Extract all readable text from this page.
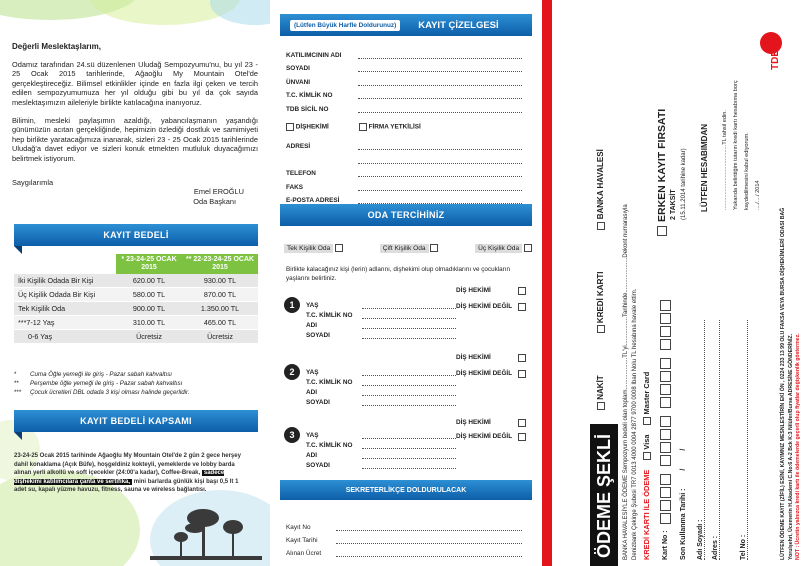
Değerli Meslektaşlarım,

Odamız tarafından 24.sü düzenlenen Uludağ Sempozyumu'nu, bu yıl 23 - 25 Ocak 2015 tarihlerinde, Ağaoğlu My Mountain Otel'de gerçekleştireceğiz. Bilimsel etkinlikler içinde en fazla ilgi çeken ve tercih edilen sempozyumumuza her yıl olduğu gibi bu yıl da çok sayıda meslektaşımızın aileleriyle birlikte katılacağına inanıyoruz.

Bilimin, mesleki paylaşımın azaldığı, yabancılaşmanın yaşandığı günümüzün acıtan gerçekliğinde, hepimizin özlediği dostluk ve samimiyeti hep birlikte yaratacağımıza inanarak, sizleri 23 - 25 Ocak 2015 tarihlerinde Uludağ'a davet ediyor ve sizleri konuk etmekten mutluluk duyacağımızı belirtmek istiyorum.

Saygılarımla
Emel EROĞLU
Oda Başkanı
KAYIT BEDELİ
	* 23-24-25 OCAK 2015	** 22-23-24-25 OCAK 2015
İki Kişilik Odada Bir Kişi	620.00 TL	930.00 TL
Üç Kişilik Odada Bir Kişi	580.00 TL	870.00 TL
Tek Kişilik Oda	900.00 TL	1.350.00 TL
***7-12 Yaş	310.00 TL	465.00 TL
0-6 Yaş	Ücretsiz	Ücretsiz
* Cuma Öğle yemeği ile giriş - Pazar sabah kahvaltısı
** Perşembe öğle yemeği ile giriş - Pazar sabah kahvaltısı
*** Çocuk ücretleri DBL odada 3 kişi olması halinde geçerlidir.
KAYIT BEDELİ KAPSAMI

23-24-25 Ocak 2015 tarihinde Ağaoğlu My Mountain Otel'de 2 gün 2 gece herşey dahil konaklama (Açık Büfe), hoşgeldiniz kokteyli, yemeklerde ve lobby barda alınan yerli alkollü ve soft içecekler (24:00'a kadar), Coffee-Break, sadece dişhekimi katılımcılara çanta ve sertifika, mini barlarda günlük kişi başı 0,5 lt 1 adet su, kapalı yüzme havuzu, fitness, sauna ve wireless bağlantısı.

(Lütfen Büyük Harfle Doldurunuz)	KAYIT ÇİZELGESİ
KATILIMCININ ADI
SOYADI
ÜNVANI
T.C. KİMLİK NO
TDB SİCİL NO
DİŞHEKİMİ	FİRMA YETKİLİSİ
ADRESİ
TELEFON
FAKS
E-POSTA ADRESİ
ODA TERCİHİNİZ
Tek Kişilik Oda	Çift Kişilik Oda	Üç Kişilik Oda

Birlikte kalacağınız kişi (lerin) adlarını, dişhekimi olup olmadıklarını ve çocukların yaşlarını belirtiniz.

1
DİŞ HEKİMİ
DİŞ HEKİMİ DEĞİL
YAŞ
T.C. KİMLİK NO
ADI
SOYADI
2
DİŞ HEKİMİ
DİŞ HEKİMİ DEĞİL
YAŞ
T.C. KİMLİK NO
ADI
SOYADI
3
DİŞ HEKİMİ
DİŞ HEKİMİ DEĞİL
YAŞ
T.C. KİMLİK NO
ADI
SOYADI
SEKRETERLİKÇE DOLDURULACAK
Kayıt No
Kayıt Tarihi
Alınan Ücret	ÖDEME ŞEKLİ
NAKİT
KREDİ KARTI
BANKA HAVALESİ
BANKA HAVALESİYLE ÖDEME Sempozyum bedeli olan toplam...................TL'yi.................Tarihinde.....................Dekont numarasıyla Denizbank Çekirge Şubesi TR7 0013 4000 0004 2877 9700 0008 Iban Nolu TL hesabına havale ettim. KREDİ KARTI İLE ÖDEME
Visa
Master Card
Kart No : Son Kullanma Tarihi :
/
/
Adı Soyadı : Adres :	Tel No :	LÜTFEN ÖDEME KAYIT (ZİFİL) ESİNİ, KAYIMNIZ MESNLESTİRİN EKİ ÖN , 0224 233 13 99 OLU FAKSA VEYA BURSA DİŞHEKİMLERİ ODASI BAĞ Yorulşehri, Ücemerin H.Akademi C.No:6 A-2 Bck K:3 Nilüfer/Bursa ADRESİNE GÖNDERİNİZ. NOT : Ücretin yalnızca kredi kartı ile ödemelerde geçerli olup fiyatlar değişkenlik göstermez.
ERKEN KAYIT FIRSATI 2 TAKSİT (15.11.2014 tarihine kadar) LÜTFEN HESABIMDAN	..........................................TL tahsil edin. Yukarıda belirttiğim tutarın kredi kartı hesabıma borç kaydedilmesini kabul ediyorum. ..../..../ 2014
TDB
